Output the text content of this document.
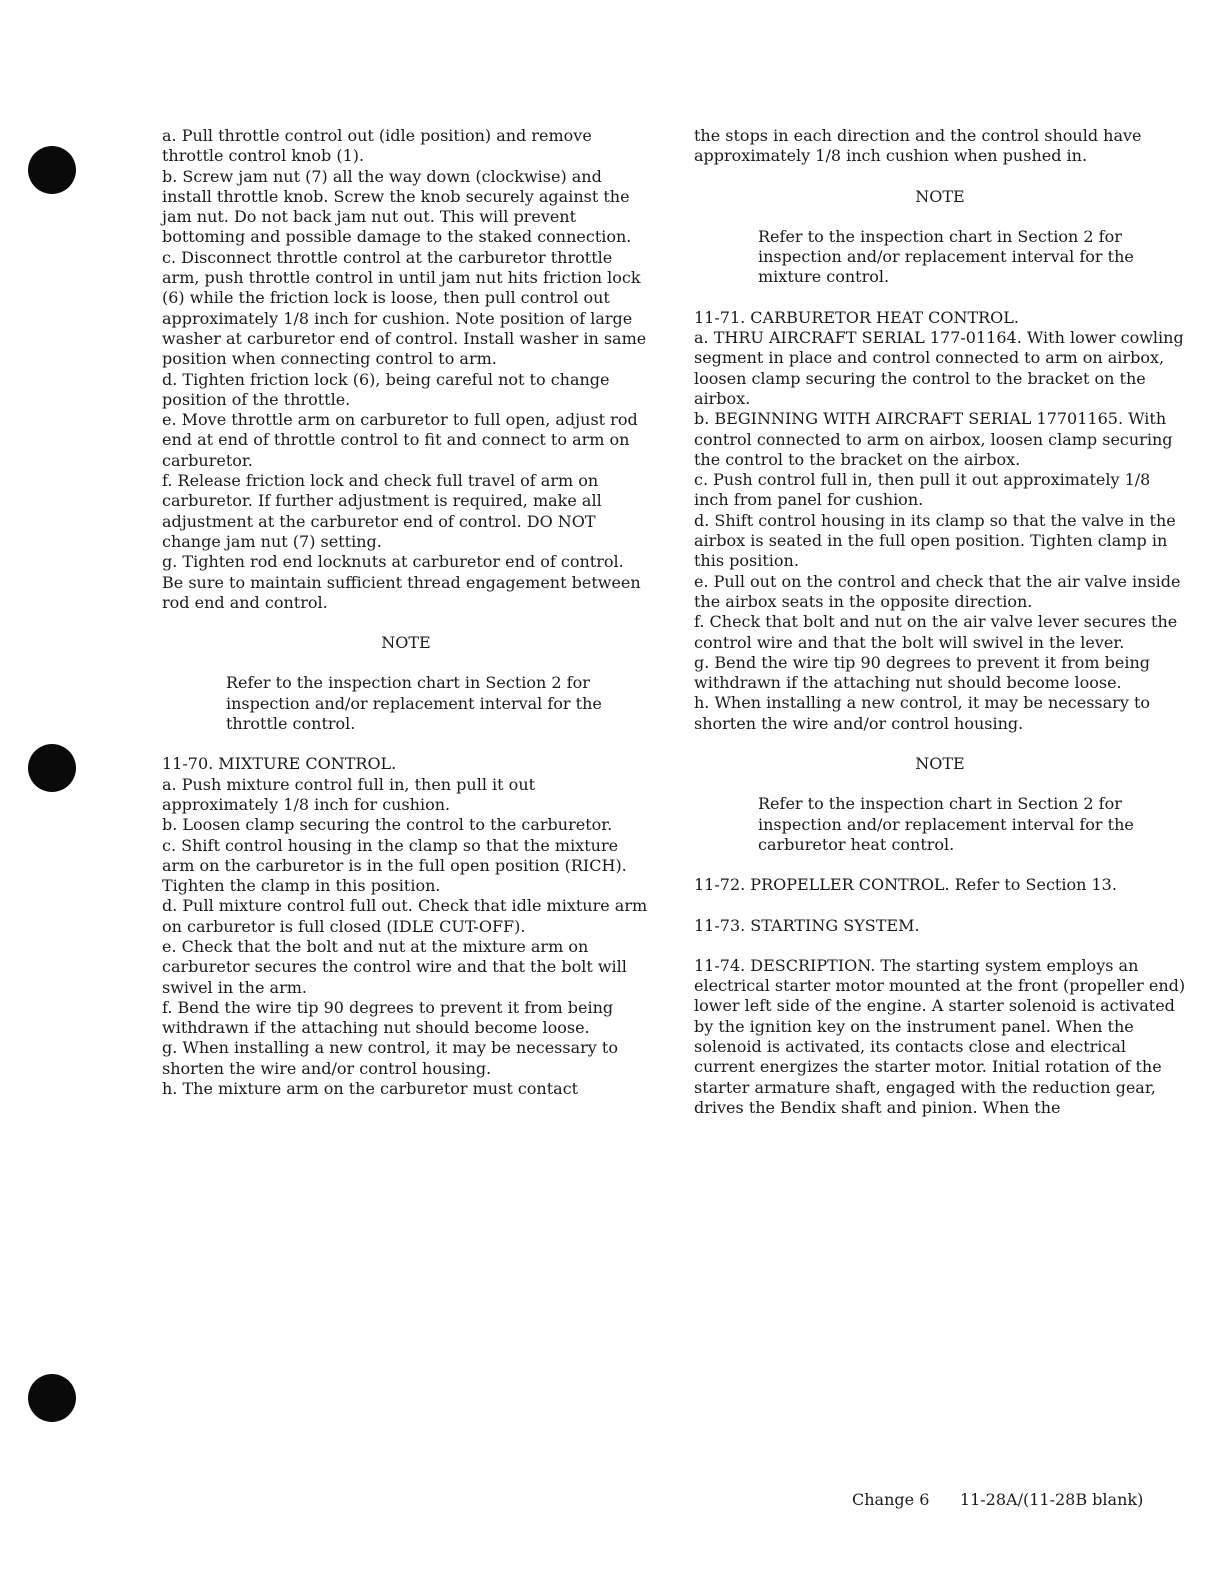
a. Pull throttle control out (idle position) and remove throttle control knob (1).

b. Screw jam nut (7) all the way down (clockwise) and install throttle knob. Screw the knob securely against the jam nut. Do not back jam nut out. This will prevent bottoming and possible damage to the staked connection.

c. Disconnect throttle control at the carburetor throttle arm, push throttle control in until jam nut hits friction lock (6) while the friction lock is loose, then pull control out approximately 1/8 inch for cushion. Note position of large washer at carburetor end of control. Install washer in same position when connecting control to arm.

d. Tighten friction lock (6), being careful not to change position of the throttle.

e. Move throttle arm on carburetor to full open, adjust rod end at end of throttle control to fit and connect to arm on carburetor.

f. Release friction lock and check full travel of arm on carburetor. If further adjustment is required, make all adjustment at the carburetor end of control. DO NOT change jam nut (7) setting.

g. Tighten rod end locknuts at carburetor end of control. Be sure to maintain sufficient thread engagement between rod end and control.

NOTE

Refer to the inspection chart in Section 2 for inspection and/or replacement interval for the throttle control.

11-70. MIXTURE CONTROL.

a. Push mixture control full in, then pull it out approximately 1/8 inch for cushion.

b. Loosen clamp securing the control to the carburetor.

c. Shift control housing in the clamp so that the mixture arm on the carburetor is in the full open position (RICH). Tighten the clamp in this position.

d. Pull mixture control full out. Check that idle mixture arm on carburetor is full closed (IDLE CUT-OFF).

e. Check that the bolt and nut at the mixture arm on carburetor secures the control wire and that the bolt will swivel in the arm.

f. Bend the wire tip 90 degrees to prevent it from being withdrawn if the attaching nut should become loose.

g. When installing a new control, it may be necessary to shorten the wire and/or control housing.

h. The mixture arm on the carburetor must contact

the stops in each direction and the control should have approximately 1/8 inch cushion when pushed in.

NOTE

Refer to the inspection chart in Section 2 for inspection and/or replacement interval for the mixture control.

11-71. CARBURETOR HEAT CONTROL.

a. THRU AIRCRAFT SERIAL 177-01164. With lower cowling segment in place and control connected to arm on airbox, loosen clamp securing the control to the bracket on the airbox.

b. BEGINNING WITH AIRCRAFT SERIAL 17701165. With control connected to arm on airbox, loosen clamp securing the control to the bracket on the airbox.

c. Push control full in, then pull it out approximately 1/8 inch from panel for cushion.

d. Shift control housing in its clamp so that the valve in the airbox is seated in the full open position. Tighten clamp in this position.

e. Pull out on the control and check that the air valve inside the airbox seats in the opposite direction.

f. Check that bolt and nut on the air valve lever secures the control wire and that the bolt will swivel in the lever.

g. Bend the wire tip 90 degrees to prevent it from being withdrawn if the attaching nut should become loose.

h. When installing a new control, it may be necessary to shorten the wire and/or control housing.

NOTE

Refer to the inspection chart in Section 2 for inspection and/or replacement interval for the carburetor heat control.

11-72. PROPELLER CONTROL. Refer to Section 13.

11-73. STARTING SYSTEM.

11-74. DESCRIPTION. The starting system employs an electrical starter motor mounted at the front (propeller end) lower left side of the engine. A starter solenoid is activated by the ignition key on the instrument panel. When the solenoid is activated, its contacts close and electrical current energizes the starter motor. Initial rotation of the starter armature shaft, engaged with the reduction gear, drives the Bendix shaft and pinion. When the

Change 6 11-28A/(11-28B blank)
